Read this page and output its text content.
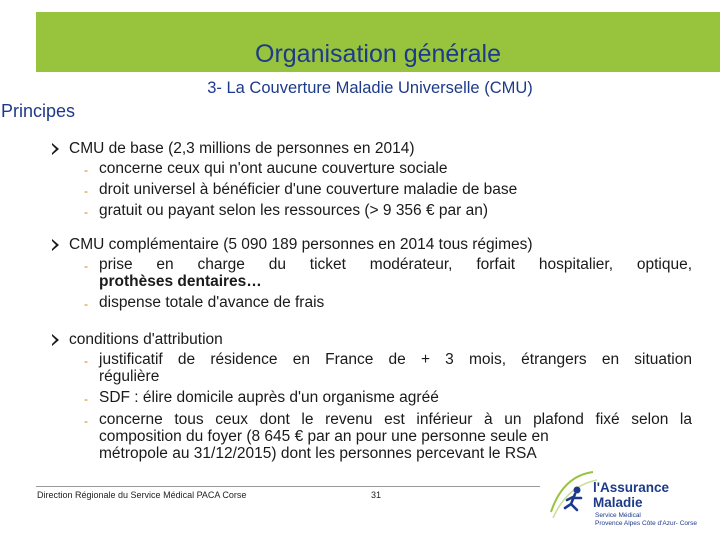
Organisation générale
3- La Couverture Maladie Universelle (CMU)
Principes
CMU de base (2,3 millions de personnes en 2014)
- concerne ceux qui n'ont aucune couverture sociale
- droit universel à bénéficier d'une couverture maladie de base
- gratuit ou payant selon les ressources (> 9 356 € par an)
CMU complémentaire (5 090 189 personnes en 2014 tous régimes)
- prise en charge du ticket modérateur, forfait hospitalier, optique,
prothèses dentaires…
- dispense totale d'avance de frais
conditions d'attribution
- justificatif de résidence en France de + 3 mois, étrangers en situation
régulière
- SDF : élire domicile auprès d'un organisme agréé
- concerne tous ceux dont le revenu est inférieur à un plafond fixé selon la
composition du foyer (8 645 € par an pour une personne seule en
métropole au 31/12/2015) dont les personnes percevant le RSA
Direction Régionale du Service Médical PACA Corse	31	l'Assurance
Maladie
Service Médical
Provence Alpes Côte d'Azur- Corse
